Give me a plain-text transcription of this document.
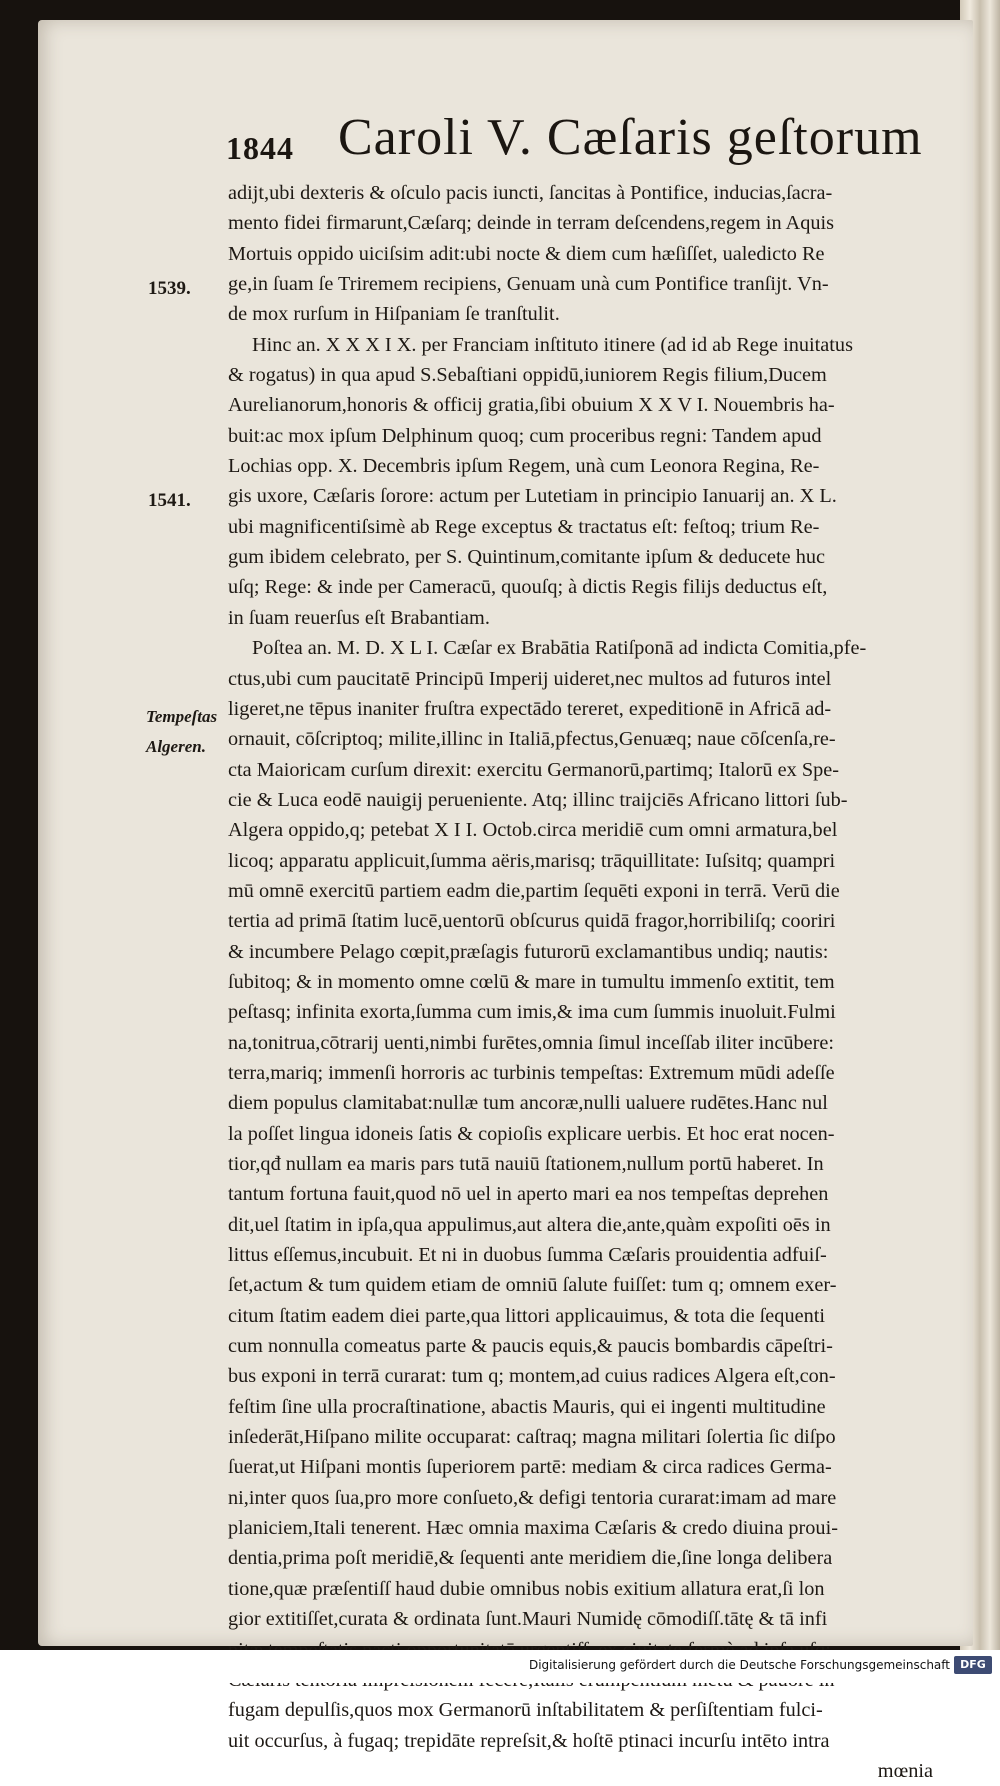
1844 Caroli V. Cæſaris geſtorum
1539.
1541.
Tempeſtas
Algeren.
adijt,ubi dexteris & oſculo pacis iuncti, ſancitas à Pontifice, inducias,ſacra-
mento fidei firmarunt,Cæſarq; deinde in terram deſcendens,regem in Aquis
Mortuis oppido uiciſsim adit:ubi nocte & diem cum hæſiſſet, ualedicto Re
ge,in ſuam ſe Triremem recipiens, Genuam unà cum Pontifice tranſijt. Vn-
de mox rurſum in Hiſpaniam ſe tranſtulit.
Hinc an. X X X I X. per Franciam inſtituto itinere (ad id ab Rege inuitatus
& rogatus) in qua apud S.Sebaſtiani oppidū,iuniorem Regis filium,Ducem
Aurelianorum,honoris & officij gratia,ſibi obuium X X V I. Nouembris ha-
buit:ac mox ipſum Delphinum quoq; cum proceribus regni: Tandem apud
Lochias opp. X. Decembris ipſum Regem, unà cum Leonora Regina, Re-
gis uxore, Cæſaris ſorore: actum per Lutetiam in principio Ianuarij an. X L.
ubi magnificentiſsimè ab Rege exceptus & tractatus eſt: feſtoq; trium Re-
gum ibidem celebrato, per S. Quintinum,comitante ipſum & deducete huc
uſq; Rege: & inde per Cameracū, quouſq; à dictis Regis filijs deductus eſt,
in ſuam reuerſus eſt Brabantiam.
Poſtea an. M. D. X L I. Cæſar ex Brabātia Ratiſponā ad indicta Comitia,pfe-
ctus,ubi cum paucitatē Principū Imperij uideret,nec multos ad futuros intel
ligeret,ne tēpus inaniter fruſtra expectādo tereret, expeditionē in Africā ad-
ornauit, cōſcriptoq; milite,illinc in Italiā,pfectus,Genuæq; naue cōſcenſa,re-
cta Maioricam curſum direxit: exercitu Germanorū,partimq; Italorū ex Spe-
cie & Luca eodē nauigij perueniente. Atq; illinc traijciēs Africano littori ſub-
Algera oppido,q; petebat X I I. Octob.circa meridiē cum omni armatura,bel
licoq; apparatu applicuit,ſumma aëris,marisq; trāquillitate: Iuſsitq; quampri
mū omnē exercitū partiem eadm die,partim ſequēti exponi in terrā. Verū die
tertia ad primā ſtatim lucē,uentorū obſcurus quidā fragor,horribiliſq; cooriri
& incumbere Pelago cœpit,præſagis futurorū exclamantibus undiq; nautis:
ſubitoq; & in momento omne cœlū & mare in tumultu immenſo extitit, tem
peſtasq; infinita exorta,ſumma cum imis,& ima cum ſummis inuoluit.Fulmi
na,tonitrua,cōtrarij uenti,nimbi furētes,omnia ſimul inceſſab iliter incūbere:
terra,mariq; immenſi horroris ac turbinis tempeſtas: Extremum mūdi adeſſe
diem populus clamitabat:nullæ tum ancoræ,nulli ualuere rudētes.Hanc nul
la poſſet lingua idoneis ſatis & copioſis explicare uerbis. Et hoc erat nocen-
tior,qđ nullam ea maris pars tutā nauiū ſtationem,nullum portū haberet. In
tantum fortuna fauit,quod nō uel in aperto mari ea nos tempeſtas deprehen
dit,uel ſtatim in ipſa,qua appulimus,aut altera die,ante,quàm expoſiti oēs in
littus eſſemus,incubuit. Et ni in duobus ſumma Cæſaris prouidentia adfuiſ-
ſet,actum & tum quidem etiam de omniū ſalute fuiſſet: tum q; omnem exer-
citum ſtatim eadem diei parte,qua littori applicauimus, & tota die ſequenti
cum nonnulla comeatus parte & paucis equis,& paucis bombardis cāpeſtri-
bus exponi in terrā curarat: tum q; montem,ad cuius radices Algera eſt,con-
feſtim ſine ulla procraſtinatione, abactis Mauris, qui ei ingenti multitudine
inſederāt,Hiſpano milite occuparat: caſtraq; magna militari ſolertia ſic diſpo
ſuerat,ut Hiſpani montis ſuperiorem partē: mediam & circa radices Germa-
ni,inter quos ſua,pro more conſueto,& defigi tentoria curarat:imam ad mare
planiciem,Itali tenerent. Hæc omnia maxima Cæſaris & credo diuina proui-
dentia,prima poſt meridiē,& ſequenti ante meridiem die,ſine longa delibera
tione,quæ præſentiſſ haud dubie omnibus nobis exitium allatura erat,ſi lon
gior extitiſſet,curata & ordinata ſunt.Mauri Numidę cōmodiſſ.tātę & tā infi
fugam depulſis,quos mox Germanorū inſtabilitatem & perſiſtentiam fulci-
uit occurſus, à fugaq; trepidāte repreſsit,& hoſtē ptinaci incurſu intēto intra
mœnia
Digitalisierung gefördert durch die Deutsche Forschungsgemeinschaft DFG
